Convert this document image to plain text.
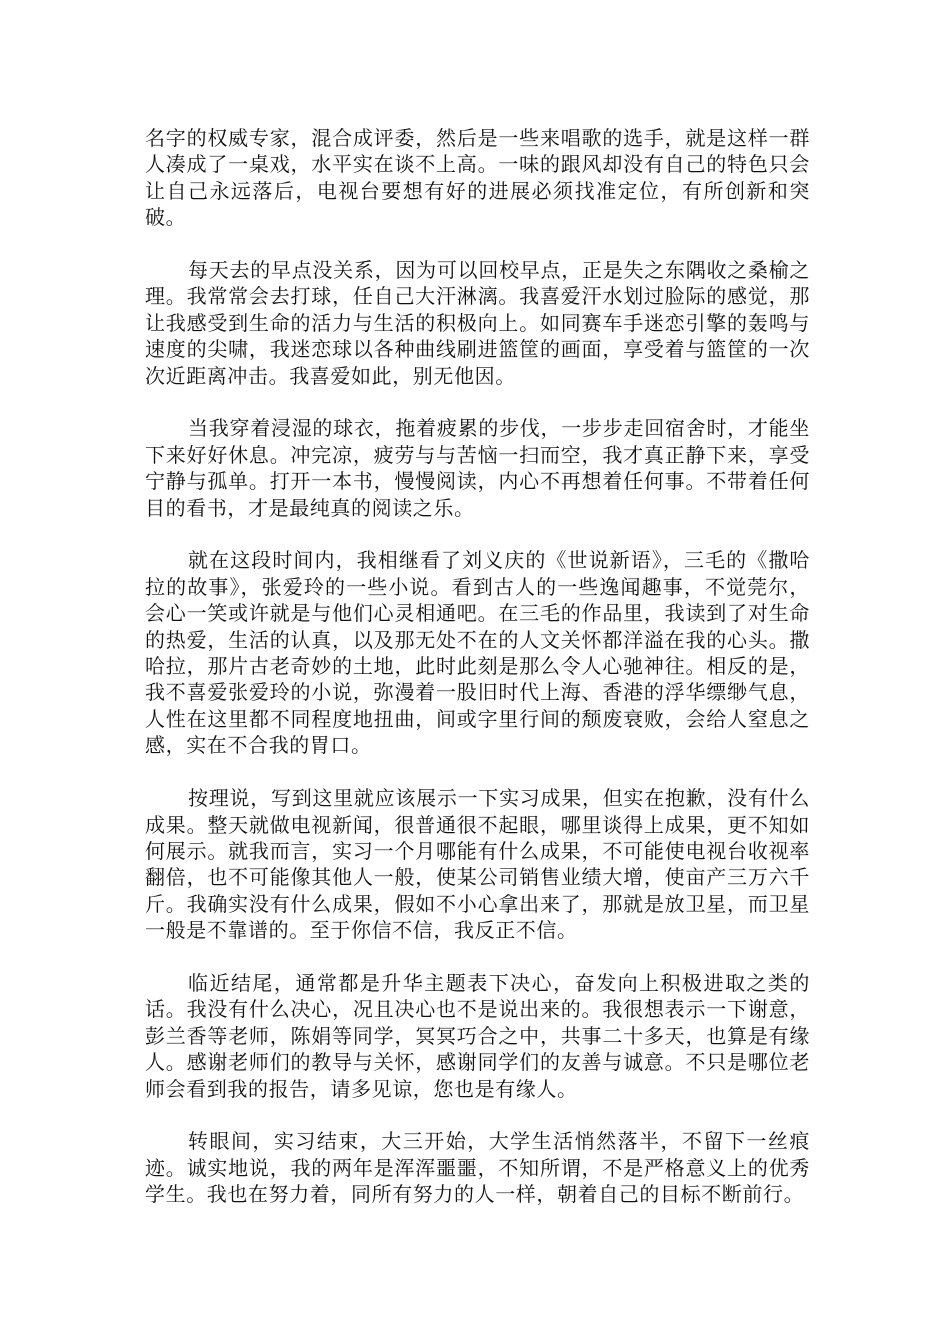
名字的权威专家，混合成评委，然后是一些来唱歌的选手，就是这样一群人凑成了一桌戏，水平实在谈不上高。一味的跟风却没有自己的特色只会让自己永远落后，电视台要想有好的进展必须找准定位，有所创新和突破。

每天去的早点没关系，因为可以回校早点，正是失之东隅收之桑榆之理。我常常会去打球，任自己大汗淋漓。我喜爱汗水划过脸际的感觉，那让我感受到生命的活力与生活的积极向上。如同赛车手迷恋引擎的轰鸣与速度的尖啸，我迷恋球以各种曲线刷进篮筐的画面，享受着与篮筐的一次次近距离冲击。我喜爱如此，别无他因。

当我穿着浸湿的球衣，拖着疲累的步伐，一步步走回宿舍时，才能坐下来好好休息。冲完凉，疲劳与与苦恼一扫而空，我才真正静下来，享受宁静与孤单。打开一本书，慢慢阅读，内心不再想着任何事。不带着任何目的看书，才是最纯真的阅读之乐。

就在这段时间内，我相继看了刘义庆的《世说新语》，三毛的《撒哈拉的故事》，张爱玲的一些小说。看到古人的一些逸闻趣事，不觉莞尔，会心一笑或许就是与他们心灵相通吧。在三毛的作品里，我读到了对生命的热爱，生活的认真，以及那无处不在的人文关怀都洋溢在我的心头。撒哈拉，那片古老奇妙的土地，此时此刻是那么令人心驰神往。相反的是，我不喜爱张爱玲的小说，弥漫着一股旧时代上海、香港的浮华缥缈气息，人性在这里都不同程度地扭曲，间或字里行间的颓废衰败，会给人窒息之感，实在不合我的胃口。

按理说，写到这里就应该展示一下实习成果，但实在抱歉，没有什么成果。整天就做电视新闻，很普通很不起眼，哪里谈得上成果，更不知如何展示。就我而言，实习一个月哪能有什么成果，不可能使电视台收视率翻倍，也不可能像其他人一般，使某公司销售业绩大增，使亩产三万六千斤。我确实没有什么成果，假如不小心拿出来了，那就是放卫星，而卫星一般是不靠谱的。至于你信不信，我反正不信。

临近结尾，通常都是升华主题表下决心，奋发向上积极进取之类的话。我没有什么决心，况且决心也不是说出来的。我很想表示一下谢意，彭兰香等老师，陈娟等同学，冥冥巧合之中，共事二十多天，也算是有缘人。感谢老师们的教导与关怀，感谢同学们的友善与诚意。不只是哪位老师会看到我的报告，请多见谅，您也是有缘人。

转眼间，实习结束，大三开始，大学生活悄然落半，不留下一丝痕迹。诚实地说，我的两年是浑浑噩噩，不知所谓，不是严格意义上的优秀学生。我也在努力着，同所有努力的人一样，朝着自己的目标不断前行。
